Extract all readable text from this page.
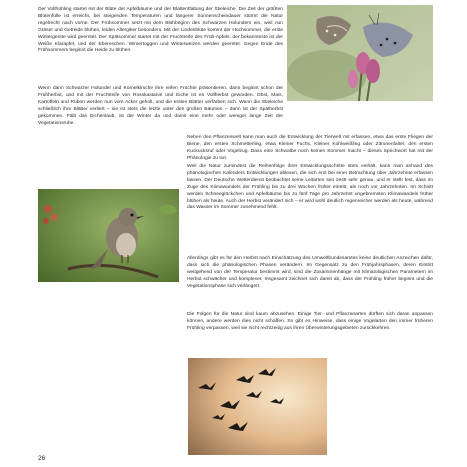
Der Vollfrühling startet mit der Blüte der Apfelbäume und der Blattentfaltung der Stieleiche. Die Zeit der größten Blütenfülle ist erreicht, bei steigenden Temperaturen und längerer Sonnenscheindauer stürmt die Natur regelrecht nach vorne. Der Frühsommer setzt mit dem Blühbeginn des Schwarzen Holunders ein, weil nun Gräser und Getreide blühen, leiden Allergiker besonders. Mit der Lindenblüte kommt der Hochsommer, die erste Wintergerste wird geerntet. Der Spätsommer startet mit der Fruchtreife des Früh-Apfels, der bekannteste ist der Weiße Klarapfel, und der Ebereschen. Wintertoggen und Winterweizen werden geerntet. Gegen Ende des Frühsommers beginnt die Heide zu blühen.

Wenn dann Schwarzer Holunder und Kornelkirsche ihre reifen Früchte präsentieren, dann beginnt schon der Frühherbst, und mit der Fruchtreife von Rosskastanie und Eiche ist es Vollherbst geworden. Obst, Mais, Kartoffeln und Rüben werden nun vom Acker geholt, und die ersten Blätter verfärben sich. Wenn die Stieleiche schließlich ihre Blätter verliert – sie ist stets die letzte unter den großen Bäumen – dann ist der Spätherbst gekommen. Fällt das Eichenlaub, ist der Winter da und damit eine mehr oder weniger lange Zeit der Vegetationsruhe.

Neben den Pflanzenwelt kann man auch die Entwicklung der Tierwelt mit erfassen, etwa das erste Fliegen der Biene, den ersten Schmetterling, etwa Kleiner Fuchs, Kleiner Kohlweißling oder Zitronenfalter, den ersten Kuckucksruf oder Vogelzug. Dass eine Schwalbe noch keinen Sommer macht – dieses Sprichwort hat mit der Phänologie zu tun.

Weil die Natur zumindest die Reihenfolge ihrer Entwicklungsschritte stets einhält, kann man anhand des phänologischen Kalenders Entwicklungen ablesen, die sich erst bei einer Betrachtung über Jahrzehnte erfassen lassen. Der Deutsche Wetterdienst beobachtet seine Leitarten seit 1945 sehr genau, und er stellt fest, dass im Zuge des Klimawandels der Frühling bis zu drei Wochen früher eintritt, als noch vor Jahrzehnten. Im Schnitt werden Schneeglöckchen und Apfelbäume bis zu fünf Tage pro Jahrzehnt ungebremsten Klimawandels früher blühen als heute. Auch der Herbst verändert sich – er wird wohl deutlich regenreicher werden als heute, während das Wasser im Sommer zunehmend fehlt.

Allerdings gibt es für den Herbst nach Einschätzung des Umweltbundesamtes keine deutlichen Anzeichen dafür, dass sich die phänologischen Phasen verändern. Im Gegensatz zu den Frühjahrsphasen, deren Eintritt weitgehend von der Temperatur bestimmt wird, sind die Zusammenhänge mit klimatologischen Parametern im Herbst schwächer und komplexer. Insgesamt zeichnet sich damit ab, dass der Frühling früher beginnt und die Vegetationsphase sich verlängert.

Die Folgen für die Natur sind kaum abzusehen. Einige Tier- und Pflanzenarten dürften sich daran anpassen können, andere werden dies nicht schaffen. So gibt es Hinweise, dass einige Vogelarten den immer früheren Frühling verpassen, weil sie nicht rechtzeitig aus ihren Überwinterungsgebieten zurückkehren.

26
